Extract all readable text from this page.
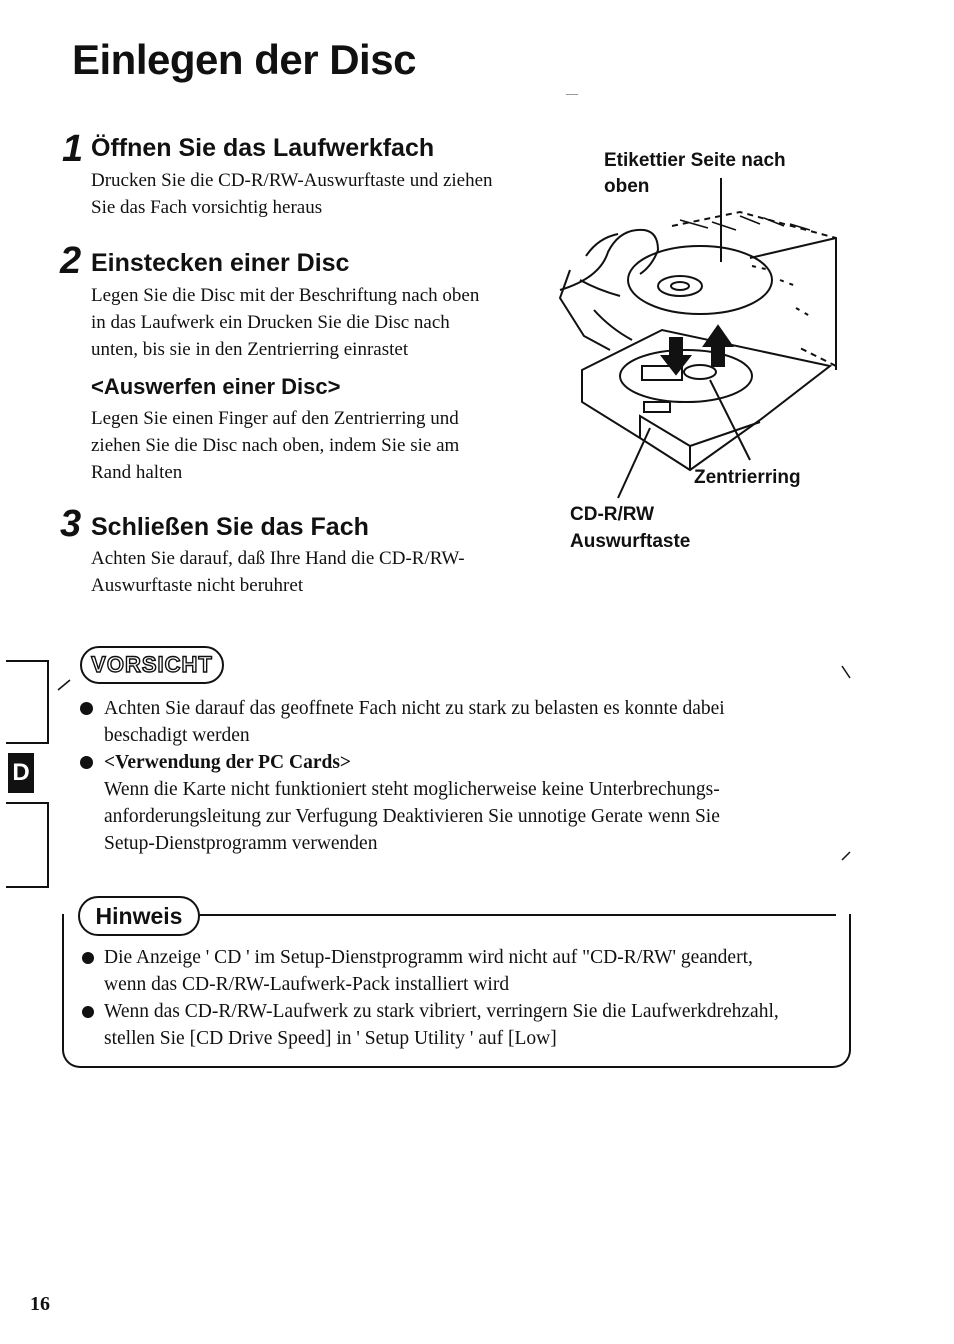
Einlegen der Disc
1 Öffnen Sie das Laufwerkfach
Drucken Sie die CD-R/RW-Auswurftaste und ziehen
Sie das Fach vorsichtig heraus
2 Einstecken einer Disc
Legen Sie die Disc mit der Beschriftung nach oben
in das Laufwerk ein Drucken Sie die Disc nach
unten, bis sie in den Zentrierring einrastet
<Auswerfen einer Disc>
Legen Sie einen Finger auf den Zentrierring und
ziehen Sie die Disc nach oben, indem Sie sie am
Rand halten
3 Schließen Sie das Fach
Achten Sie darauf, daß Ihre Hand die CD-R/RW-
Auswurftaste nicht beruhret
Etikettier Seite nach
oben
Zentrierring
CD-R/RW
Auswurftaste
D
VORSICHT
Achten Sie darauf das geoffnete Fach nicht zu stark zu belasten es konnte dabei
beschadigt werden
<Verwendung der PC Cards>
Wenn die Karte nicht funktioniert steht moglicherweise keine Unterbrechungs-
anforderungsleitung zur Verfugung Deaktivieren Sie unnotige Gerate wenn Sie
Setup-Dienstprogramm verwenden
Hinweis
Die Anzeige ' CD ' im Setup-Dienstprogramm wird nicht auf "CD-R/RW' geandert,
wenn das CD-R/RW-Laufwerk-Pack installiert wird
Wenn das CD-R/RW-Laufwerk zu stark vibriert, verringern Sie die Laufwerkdrehzahl,
stellen Sie [CD Drive Speed] in ' Setup Utility ' auf [Low]
16
